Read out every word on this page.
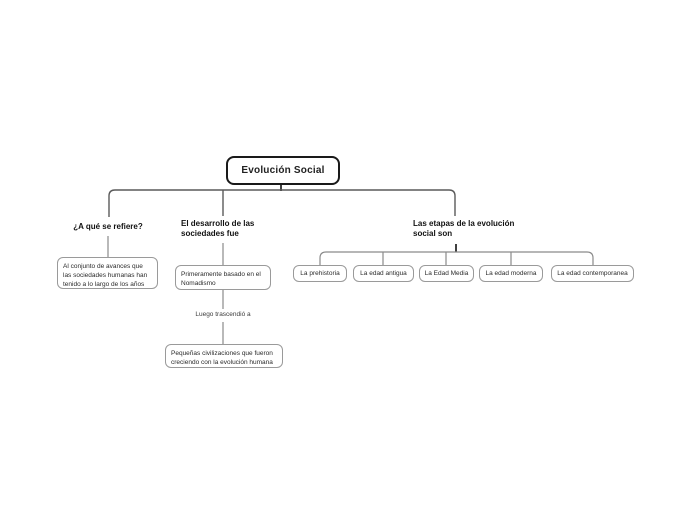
Evolución Social
¿A qué se refiere?
Al conjunto de avances que las sociedades humanas han tenido a lo largo de los años
El desarrollo de las sociedades fue
Primeramente basado en el Nomadismo
Luego trascendió a
Pequeñas civilizaciones que fueron creciendo con la evolución humana
Las etapas de la evolución social son
La prehistoria	La edad antigua	La Edad Media	La edad moderna	La edad contemporanea
